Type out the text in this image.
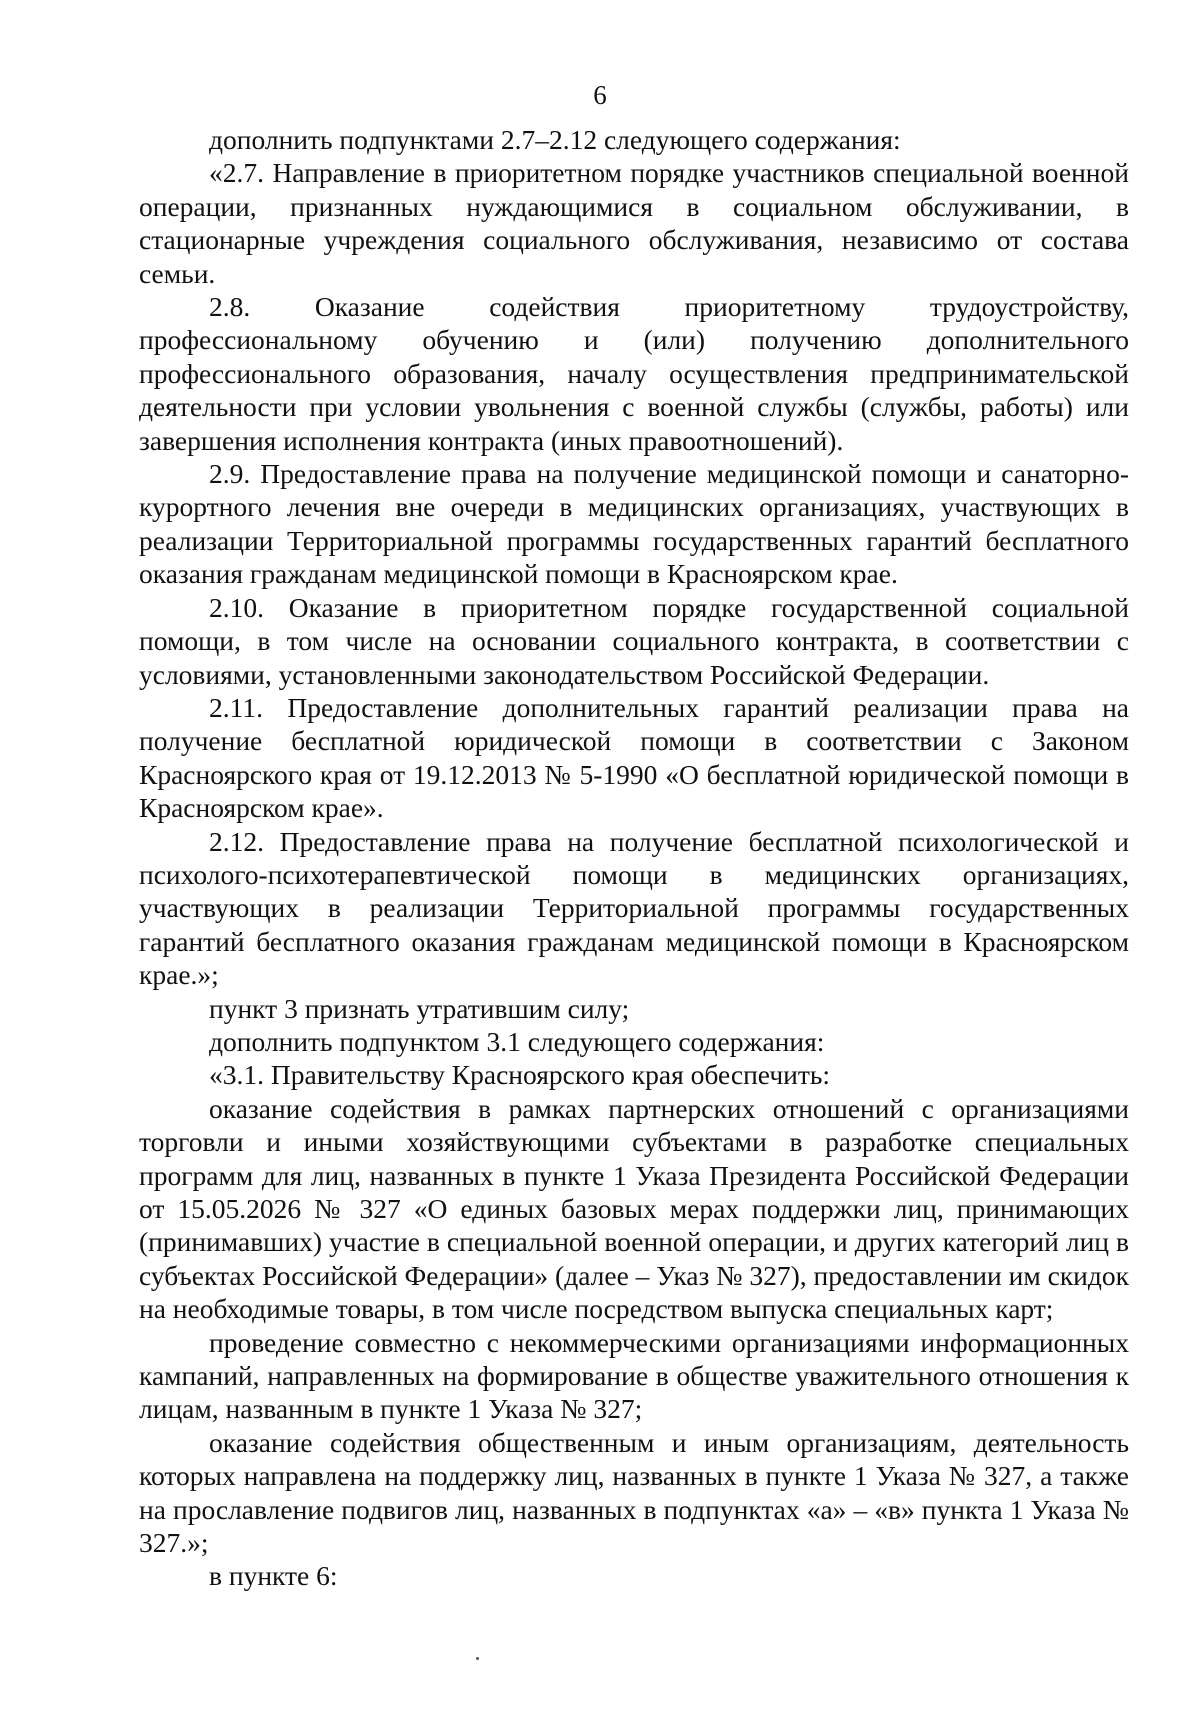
6

дополнить подпунктами 2.7–2.12 следующего содержания:

«2.7. Направление в приоритетном порядке участников специальной военной операции, признанных нуждающимися в социальном обслуживании, в стационарные учреждения социального обслуживания, независимо от состава семьи.

2.8. Оказание содействия приоритетному трудоустройству, профессиональному обучению и (или) получению дополнительного профессионального образования, началу осуществления предпринимательской деятельности при условии увольнения с военной службы (службы, работы) или завершения исполнения контракта (иных правоотношений).

2.9. Предоставление права на получение медицинской помощи и санаторно-курортного лечения вне очереди в медицинских организациях, участвующих в реализации Территориальной программы государственных гарантий бесплатного оказания гражданам медицинской помощи в Красноярском крае.

2.10. Оказание в приоритетном порядке государственной социальной помощи, в том числе на основании социального контракта, в соответствии с условиями, установленными законодательством Российской Федерации.

2.11. Предоставление дополнительных гарантий реализации права на получение бесплатной юридической помощи в соответствии с Законом Красноярского края от 19.12.2013 № 5-1990 «О бесплатной юридической помощи в Красноярском крае».

2.12. Предоставление права на получение бесплатной психологической и психолого-психотерапевтической помощи в медицинских организациях, участвующих в реализации Территориальной программы государственных гарантий бесплатного оказания гражданам медицинской помощи в Красноярском крае.»;

пункт 3 признать утратившим силу;

дополнить подпунктом 3.1 следующего содержания:

«3.1. Правительству Красноярского края обеспечить:

оказание содействия в рамках партнерских отношений с организациями торговли и иными хозяйствующими субъектами в разработке специальных программ для лиц, названных в пункте 1 Указа Президента Российской Федерации от 15.05.2026 № 327 «О единых базовых мерах поддержки лиц, принимающих (принимавших) участие в специальной военной операции, и других категорий лиц в субъектах Российской Федерации» (далее – Указ № 327), предоставлении им скидок на необходимые товары, в том числе посредством выпуска специальных карт;

проведение совместно с некоммерческими организациями информационных кампаний, направленных на формирование в обществе уважительного отношения к лицам, названным в пункте 1 Указа № 327;

оказание содействия общественным и иным организациям, деятельность которых направлена на поддержку лиц, названных в пункте 1 Указа № 327, а также на прославление подвигов лиц, названных в подпунктах «а» – «в» пункта 1 Указа № 327.»;

в пункте 6:
